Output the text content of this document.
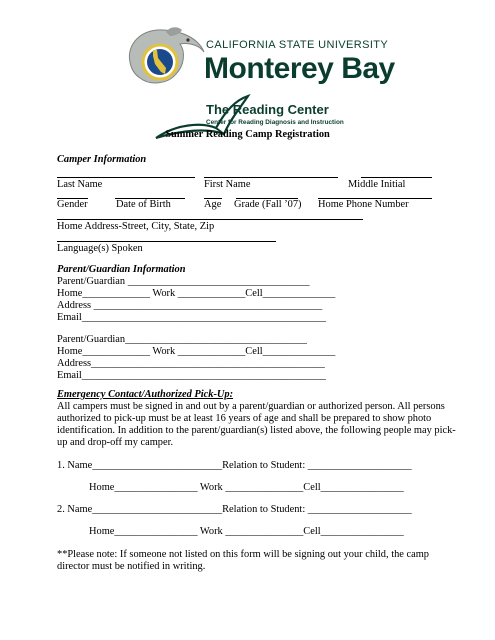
CALIFORNIA STATE UNIVERSITY
Monterey Bay
The Reading Center
Center for Reading Diagnosis and Instruction
Summer Reading Camp Registration
Camper Information
Last Name	First Name	Middle Initial
Gender	Date of Birth	Age Grade (Fall ’07) Home Phone Number
Home Address-Street, City, State, Zip
Language(s) Spoken
Parent/Guardian Information
Parent/Guardian ___________________________________
Home_____________ Work _____________Cell______________
Address ____________________________________________
Email_______________________________________________
Parent/Guardian___________________________________
Home_____________ Work _____________Cell______________
Address_____________________________________________
Email_______________________________________________
Emergency Contact/Authorized Pick-Up:
All campers must be signed in and out by a parent/guardian or authorized person. All persons
authorized to pick-up must be at least 16 years of age and shall be prepared to show photo
identification. In addition to the parent/guardian(s) listed above, the following people may pick-
up and drop-off my camper.
1. Name_________________________Relation to Student: ____________________
Home________________ Work _______________Cell________________
2. Name_________________________Relation to Student: ____________________
Home________________ Work _______________Cell________________
**Please note: If someone not listed on this form will be signing out your child, the camp
director must be notified in writing.
